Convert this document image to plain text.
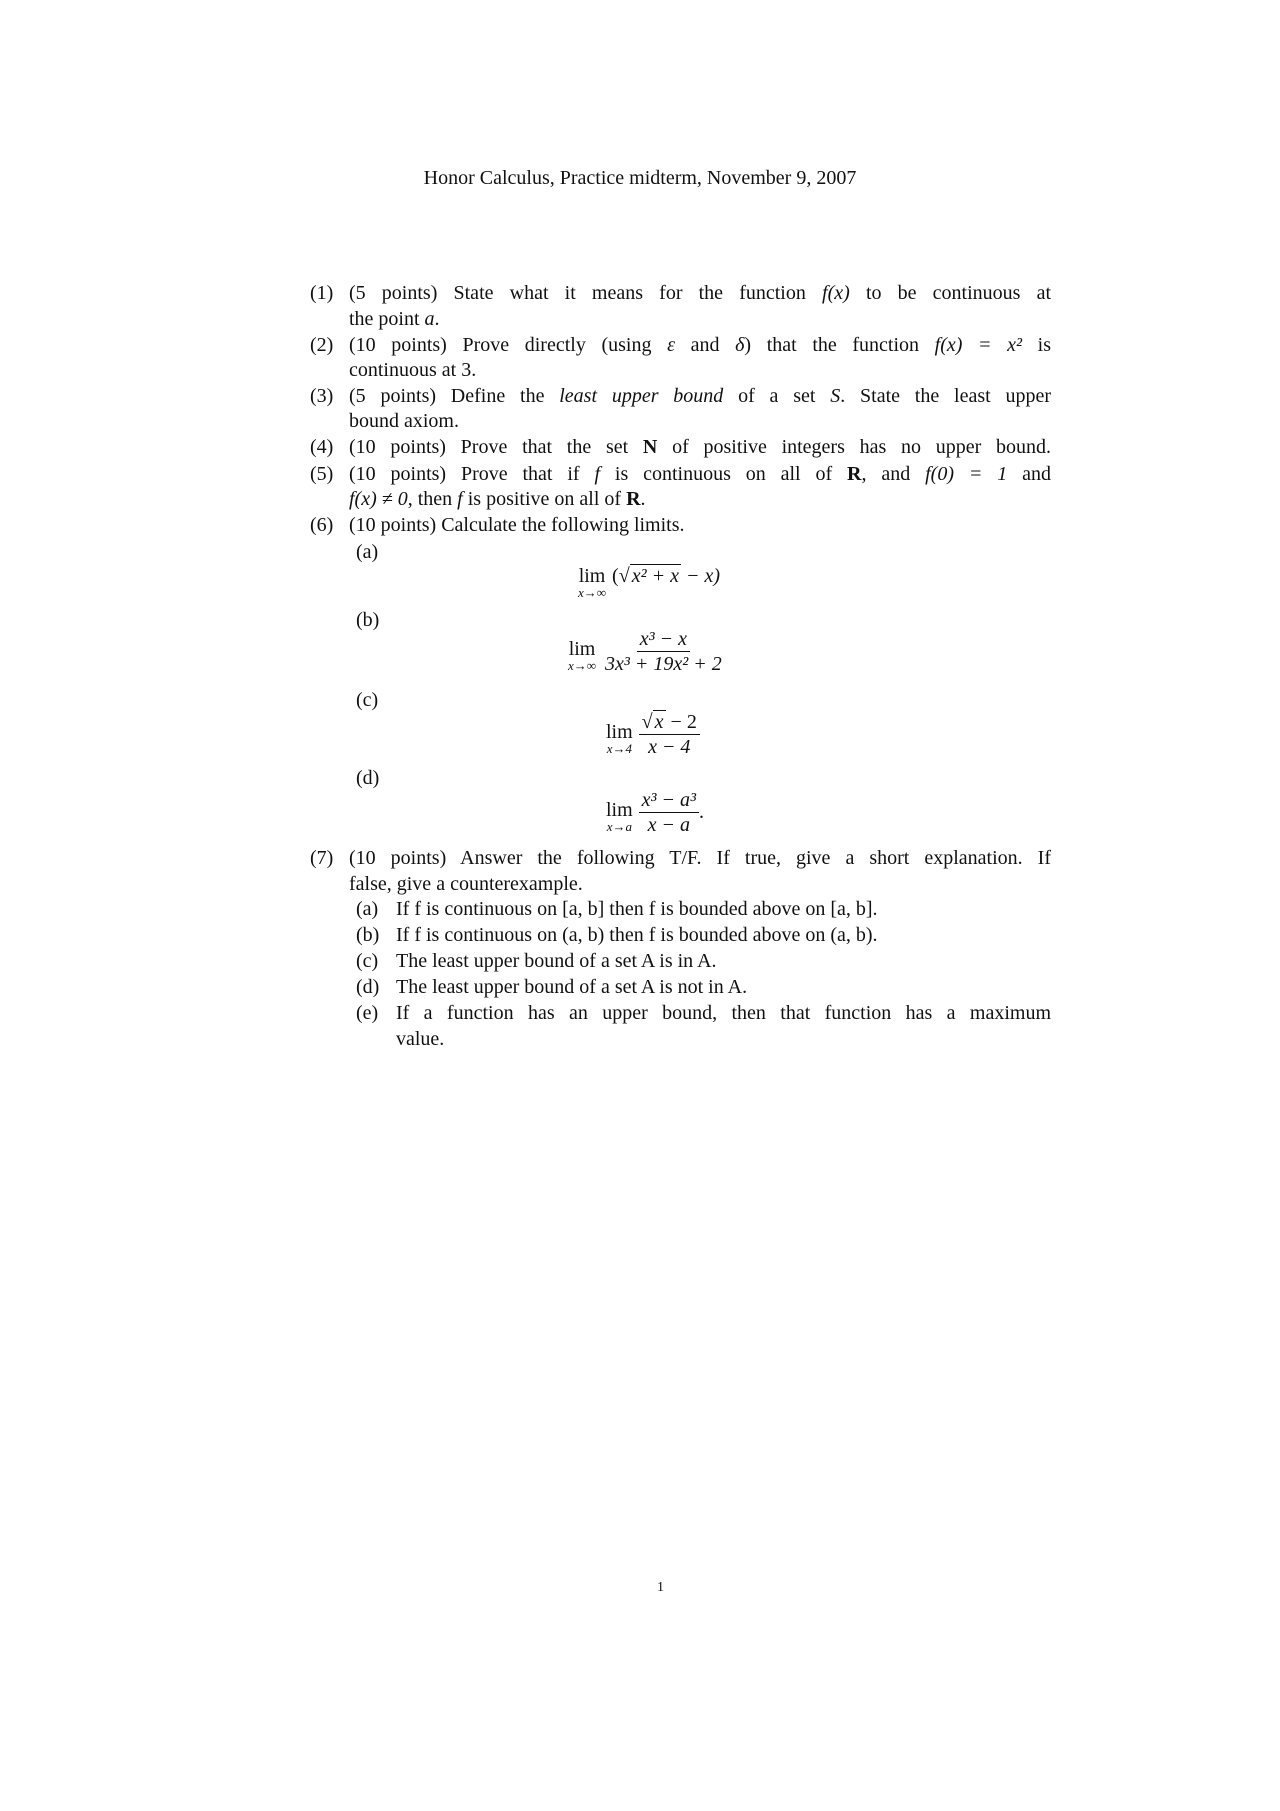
Honor Calculus, Practice midterm, November 9, 2007
(1) (5 points) State what it means for the function f(x) to be continuous at
the point a.
(2) (10 points) Prove directly (using ε and δ) that the function f(x) = x² is
continuous at 3.
(3) (5 points) Define the least upper bound of a set S. State the least upper
bound axiom.
(4) (10 points) Prove that the set N of positive integers has no upper bound.
(5) (10 points) Prove that if f is continuous on all of R, and f(0) = 1 and
f(x) ≠ 0, then f is positive on all of R.
(6) (10 points) Calculate the following limits.
(a)
lim
x→∞
(√ x² + x − x)
(b)
lim
$x\to\infty \frac{\text{x³ − x}}{\text{3x³ + 19x² + 2}}$
(c)
lim
$x\to 4 \frac{√ x - 2}{x - 4}$
(d)
lim
$x\to a \frac{\text{x³ − a³}}{x - a}$ .
(7) (10 points) Answer the following T/F. If true, give a short explanation. If
false, give a counterexample.
(a) If f is continuous on [a, b] then f is bounded above on [a, b].
(b) If f is continuous on (a, b) then f is bounded above on (a, b).
(c) The least upper bound of a set A is in A.
(d) The least upper bound of a set A is not in A.
(e) If a function has an upper bound, then that function has a maximum
value.
1
